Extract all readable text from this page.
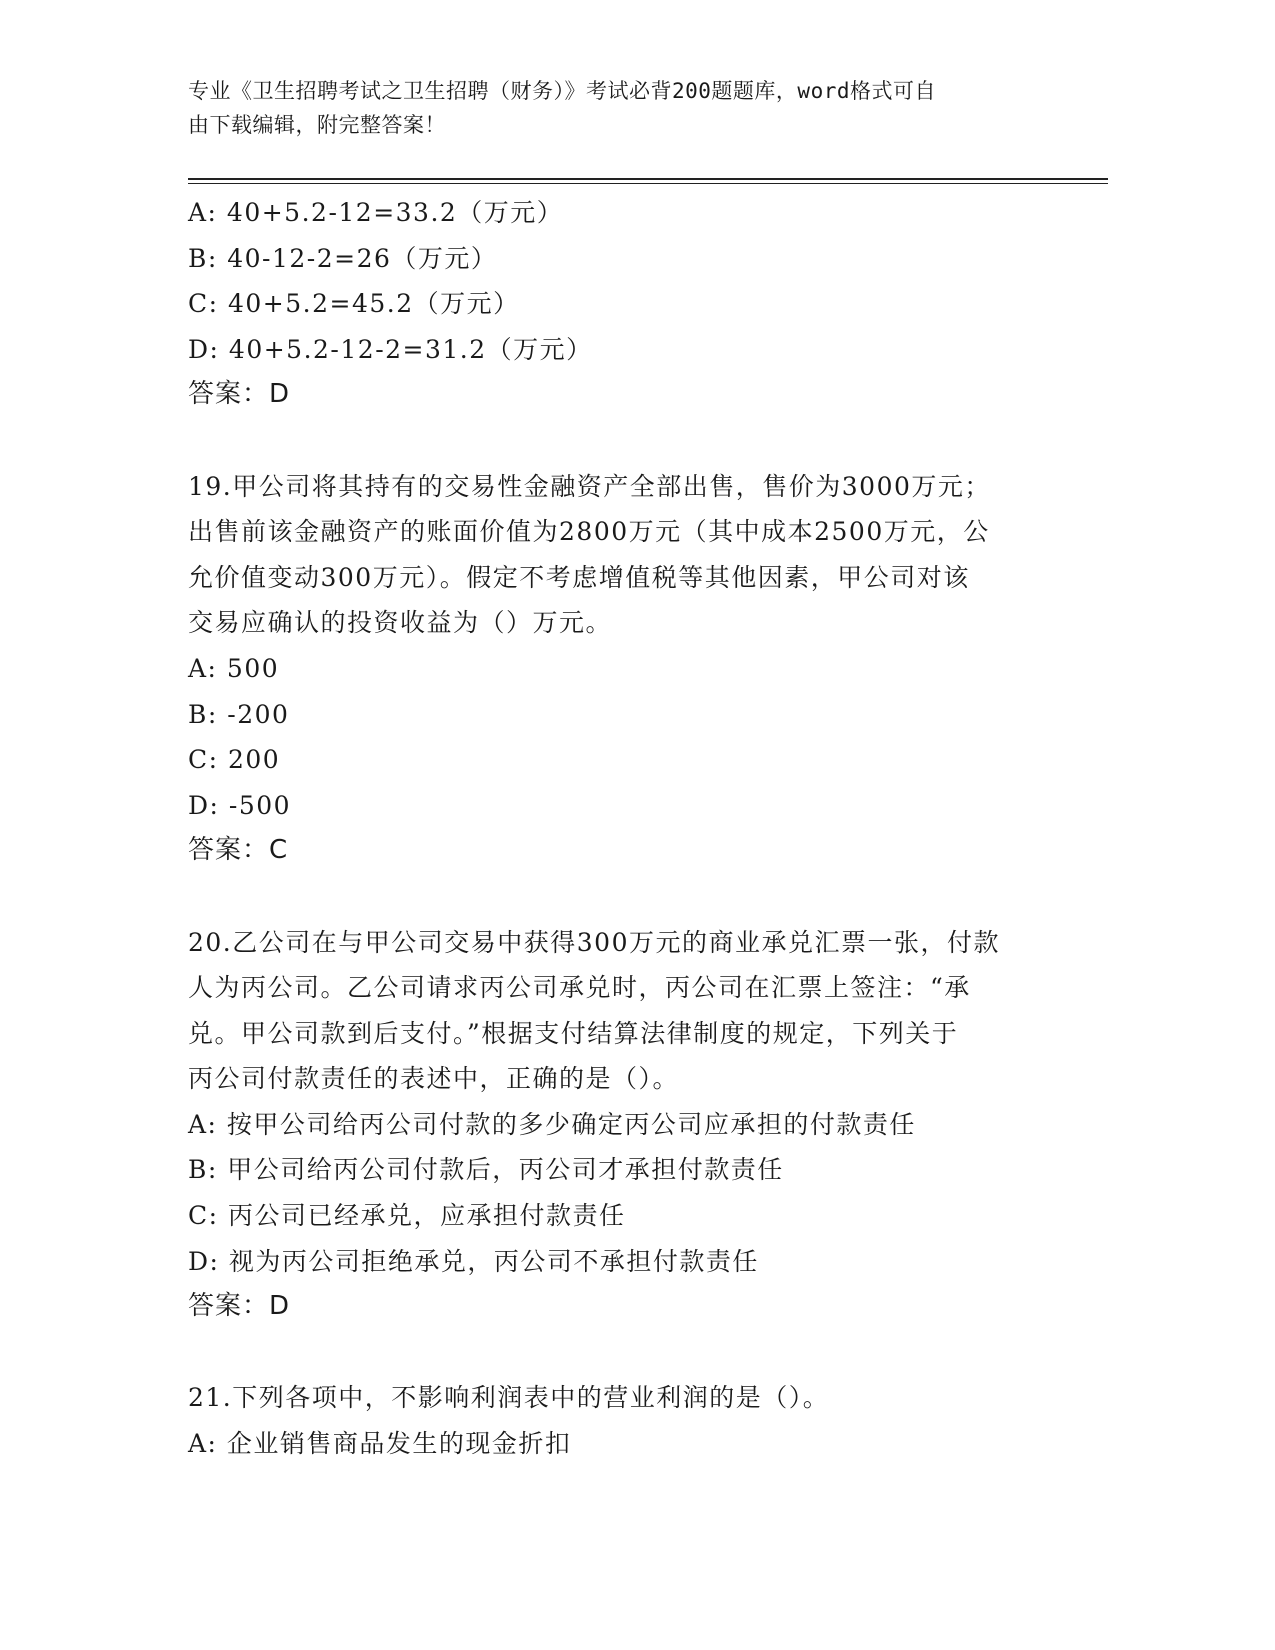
专业《卫生招聘考试之卫生招聘（财务）》考试必背200题题库，word格式可自
由下载编辑，附完整答案！
A: 40+5.2-12=33.2（万元）
B: 40-12-2=26（万元）
C: 40+5.2=45.2（万元）
D: 40+5.2-12-2=31.2（万元）
答案：D
19.甲公司将其持有的交易性金融资产全部出售，售价为3000万元；
出售前该金融资产的账面价值为2800万元（其中成本2500万元，公
允价值变动300万元）。假定不考虑增值税等其他因素，甲公司对该
交易应确认的投资收益为（）万元。
A: 500
B: -200
C: 200
D: -500
答案：C
20.乙公司在与甲公司交易中获得300万元的商业承兑汇票一张，付款
人为丙公司。乙公司请求丙公司承兑时，丙公司在汇票上签注：“承
兑。甲公司款到后支付。”根据支付结算法律制度的规定，下列关于
丙公司付款责任的表述中，正确的是（）。
A: 按甲公司给丙公司付款的多少确定丙公司应承担的付款责任
B: 甲公司给丙公司付款后，丙公司才承担付款责任
C: 丙公司已经承兑，应承担付款责任
D: 视为丙公司拒绝承兑，丙公司不承担付款责任
答案：D
21.下列各项中，不影响利润表中的营业利润的是（）。
A: 企业销售商品发生的现金折扣
